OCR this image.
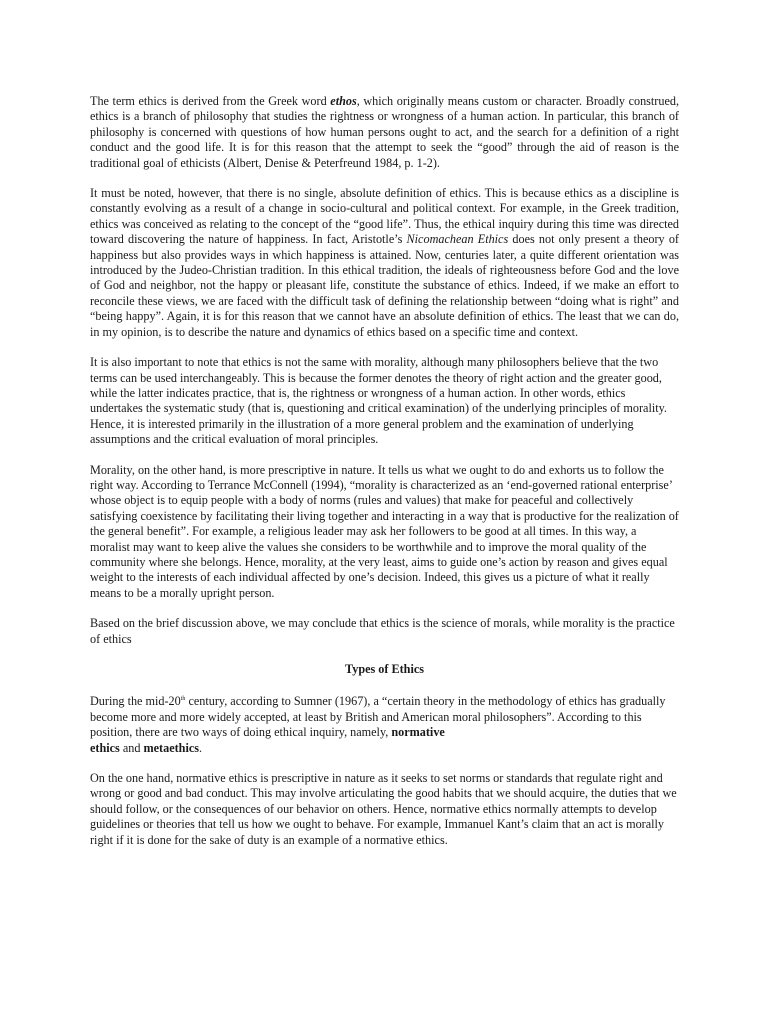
The term ethics is derived from the Greek word ethos, which originally means custom or character. Broadly construed, ethics is a branch of philosophy that studies the rightness or wrongness of a human action. In particular, this branch of philosophy is concerned with questions of how human persons ought to act, and the search for a definition of a right conduct and the good life. It is for this reason that the attempt to seek the “good” through the aid of reason is the traditional goal of ethicists (Albert, Denise & Peterfreund 1984, p. 1-2).

It must be noted, however, that there is no single, absolute definition of ethics. This is because ethics as a discipline is constantly evolving as a result of a change in socio-cultural and political context. For example, in the Greek tradition, ethics was conceived as relating to the concept of the “good life”. Thus, the ethical inquiry during this time was directed toward discovering the nature of happiness. In fact, Aristotle’s Nicomachean Ethics does not only present a theory of happiness but also provides ways in which happiness is attained. Now, centuries later, a quite different orientation was introduced by the Judeo-Christian tradition. In this ethical tradition, the ideals of righteousness before God and the love of God and neighbor, not the happy or pleasant life, constitute the substance of ethics. Indeed, if we make an effort to reconcile these views, we are faced with the difficult task of defining the relationship between “doing what is right” and “being happy”. Again, it is for this reason that we cannot have an absolute definition of ethics. The least that we can do, in my opinion, is to describe the nature and dynamics of ethics based on a specific time and context.

It is also important to note that ethics is not the same with morality, although many philosophers believe that the two terms can be used interchangeably. This is because the former denotes the theory of right action and the greater good, while the latter indicates practice, that is, the rightness or wrongness of a human action. In other words, ethics undertakes the systematic study (that is, questioning and critical examination) of the underlying principles of morality. Hence, it is interested primarily in the illustration of a more general problem and the examination of underlying assumptions and the critical evaluation of moral principles.

Morality, on the other hand, is more prescriptive in nature. It tells us what we ought to do and exhorts us to follow the right way. According to Terrance McConnell (1994), “morality is characterized as an ‘end-governed rational enterprise’ whose object is to equip people with a body of norms (rules and values) that make for peaceful and collectively satisfying coexistence by facilitating their living together and interacting in a way that is productive for the realization of the general benefit”. For example, a religious leader may ask her followers to be good at all times. In this way, a moralist may want to keep alive the values she considers to be worthwhile and to improve the moral quality of the community where she belongs. Hence, morality, at the very least, aims to guide one’s action by reason and gives equal weight to the interests of each individual affected by one’s decision. Indeed, this gives us a picture of what it really means to be a morally upright person.

Based on the brief discussion above, we may conclude that ethics is the science of morals, while morality is the practice of ethics

Types of Ethics

During the mid-20th century, according to Sumner (1967), a “certain theory in the methodology of ethics has gradually become more and more widely accepted, at least by British and American moral philosophers”. According to this position, there are two ways of doing ethical inquiry, namely, normative
ethics and metaethics.

On the one hand, normative ethics is prescriptive in nature as it seeks to set norms or standards that regulate right and wrong or good and bad conduct. This may involve articulating the good habits that we should acquire, the duties that we should follow, or the consequences of our behavior on others. Hence, normative ethics normally attempts to develop guidelines or theories that tell us how we ought to behave. For example, Immanuel Kant’s claim that an act is morally right if it is done for the sake of duty is an example of a normative ethics.
